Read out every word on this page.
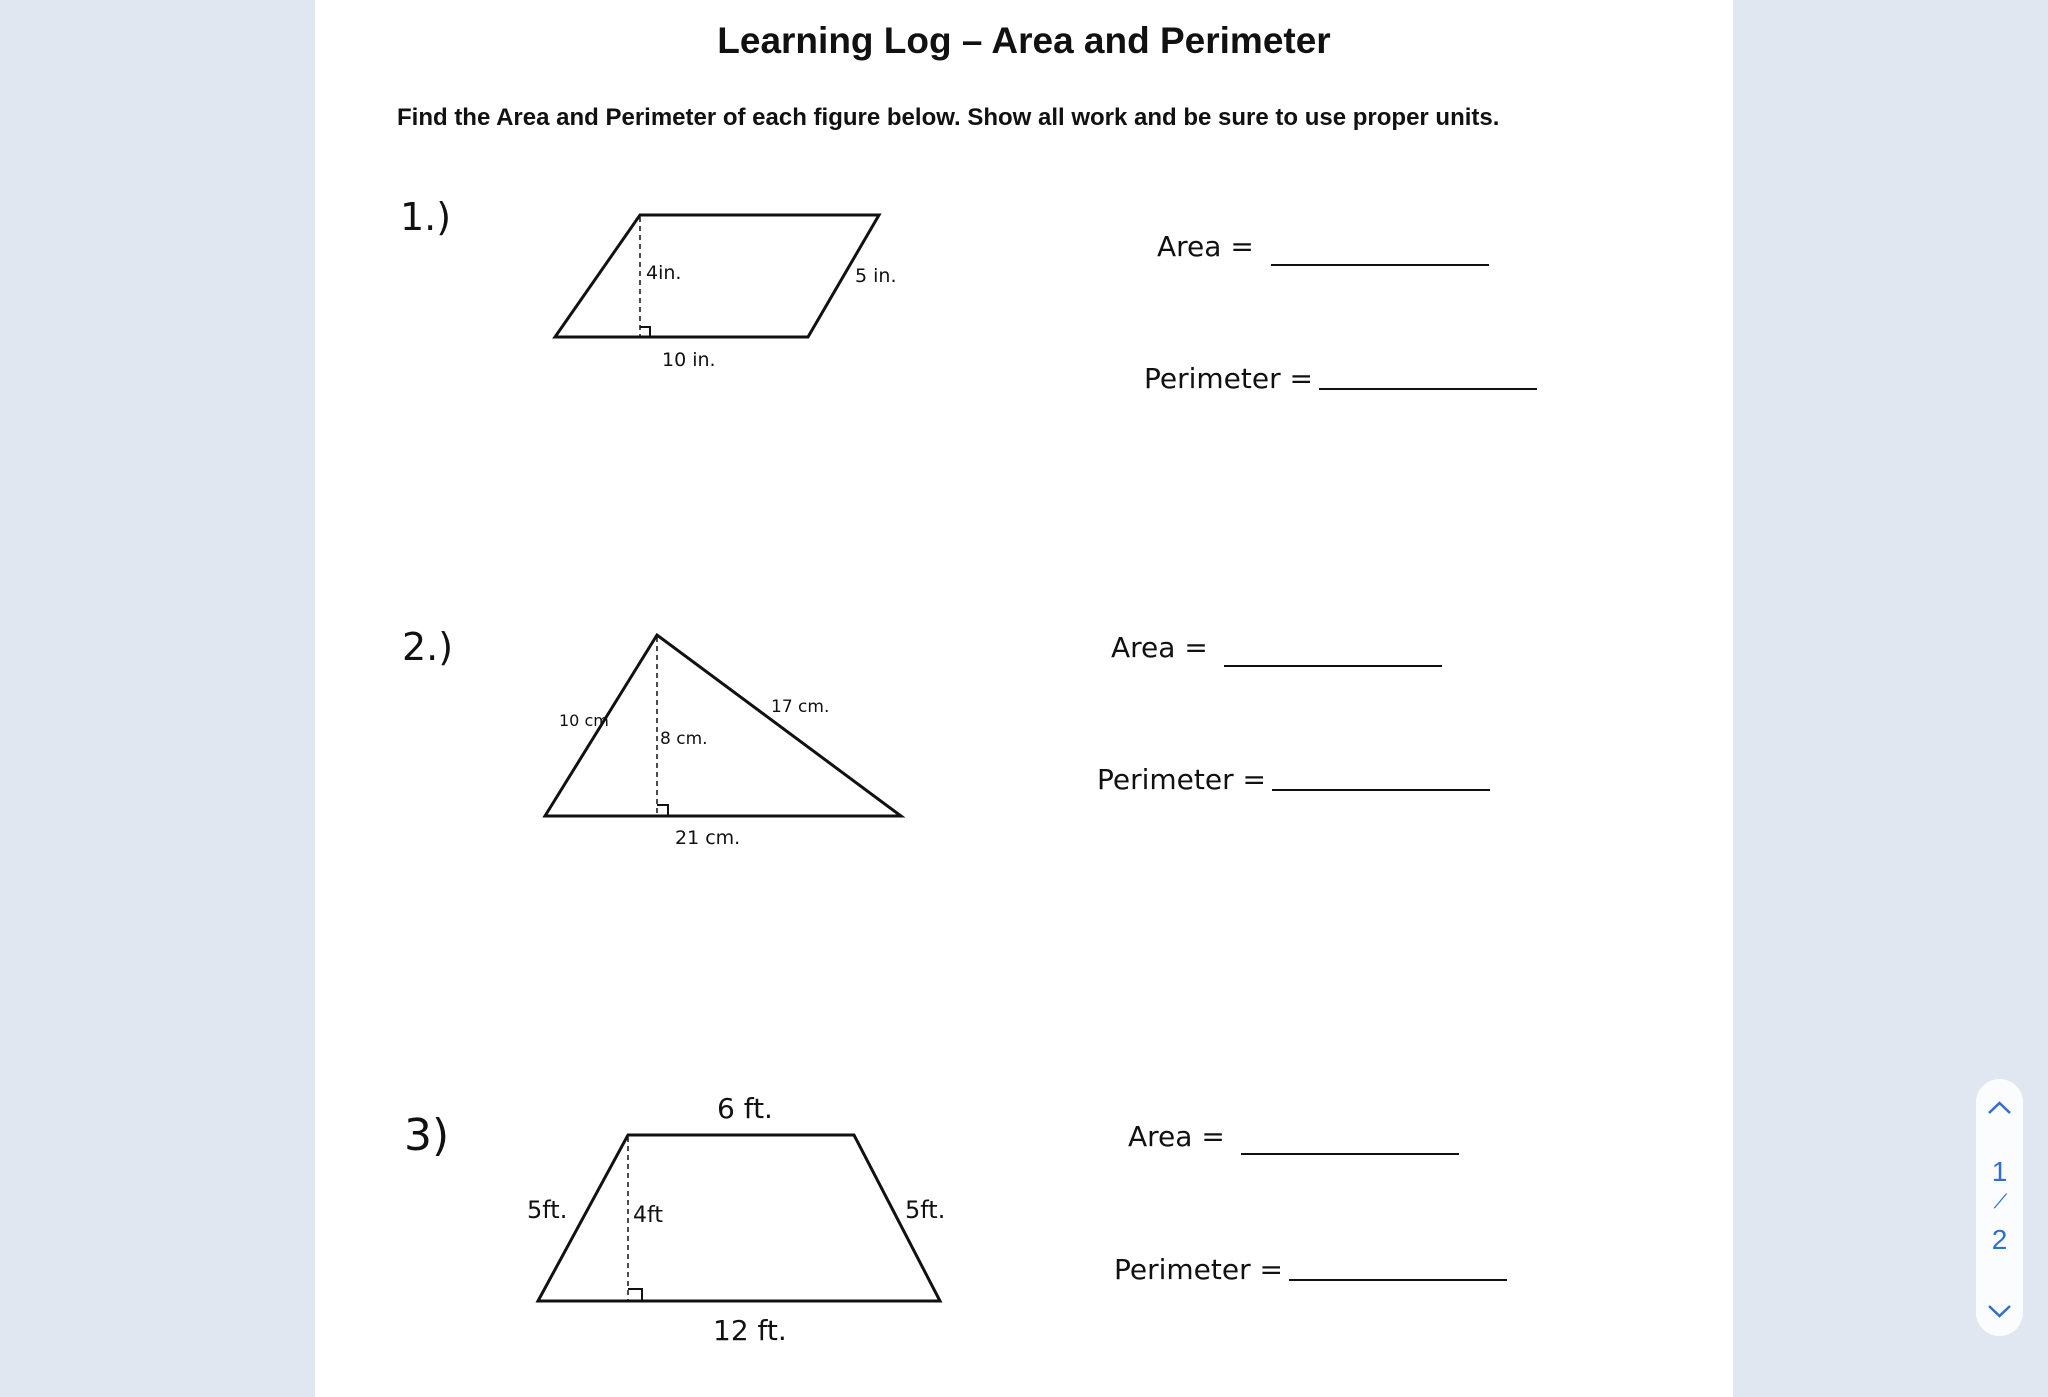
Learning Log – Area and Perimeter
Find the Area and Perimeter of each figure below. Show all work and be sure to use proper units.
1.)
4in.	5 in.
10 in.
Area =
Perimeter =
2.)
10 cm
17 cm.
8 cm.
21 cm.
Area =
Perimeter =
3)
6 ft.
5ft.	4ft	5ft.
12 ft.
Area =
Perimeter =
1
/
2
